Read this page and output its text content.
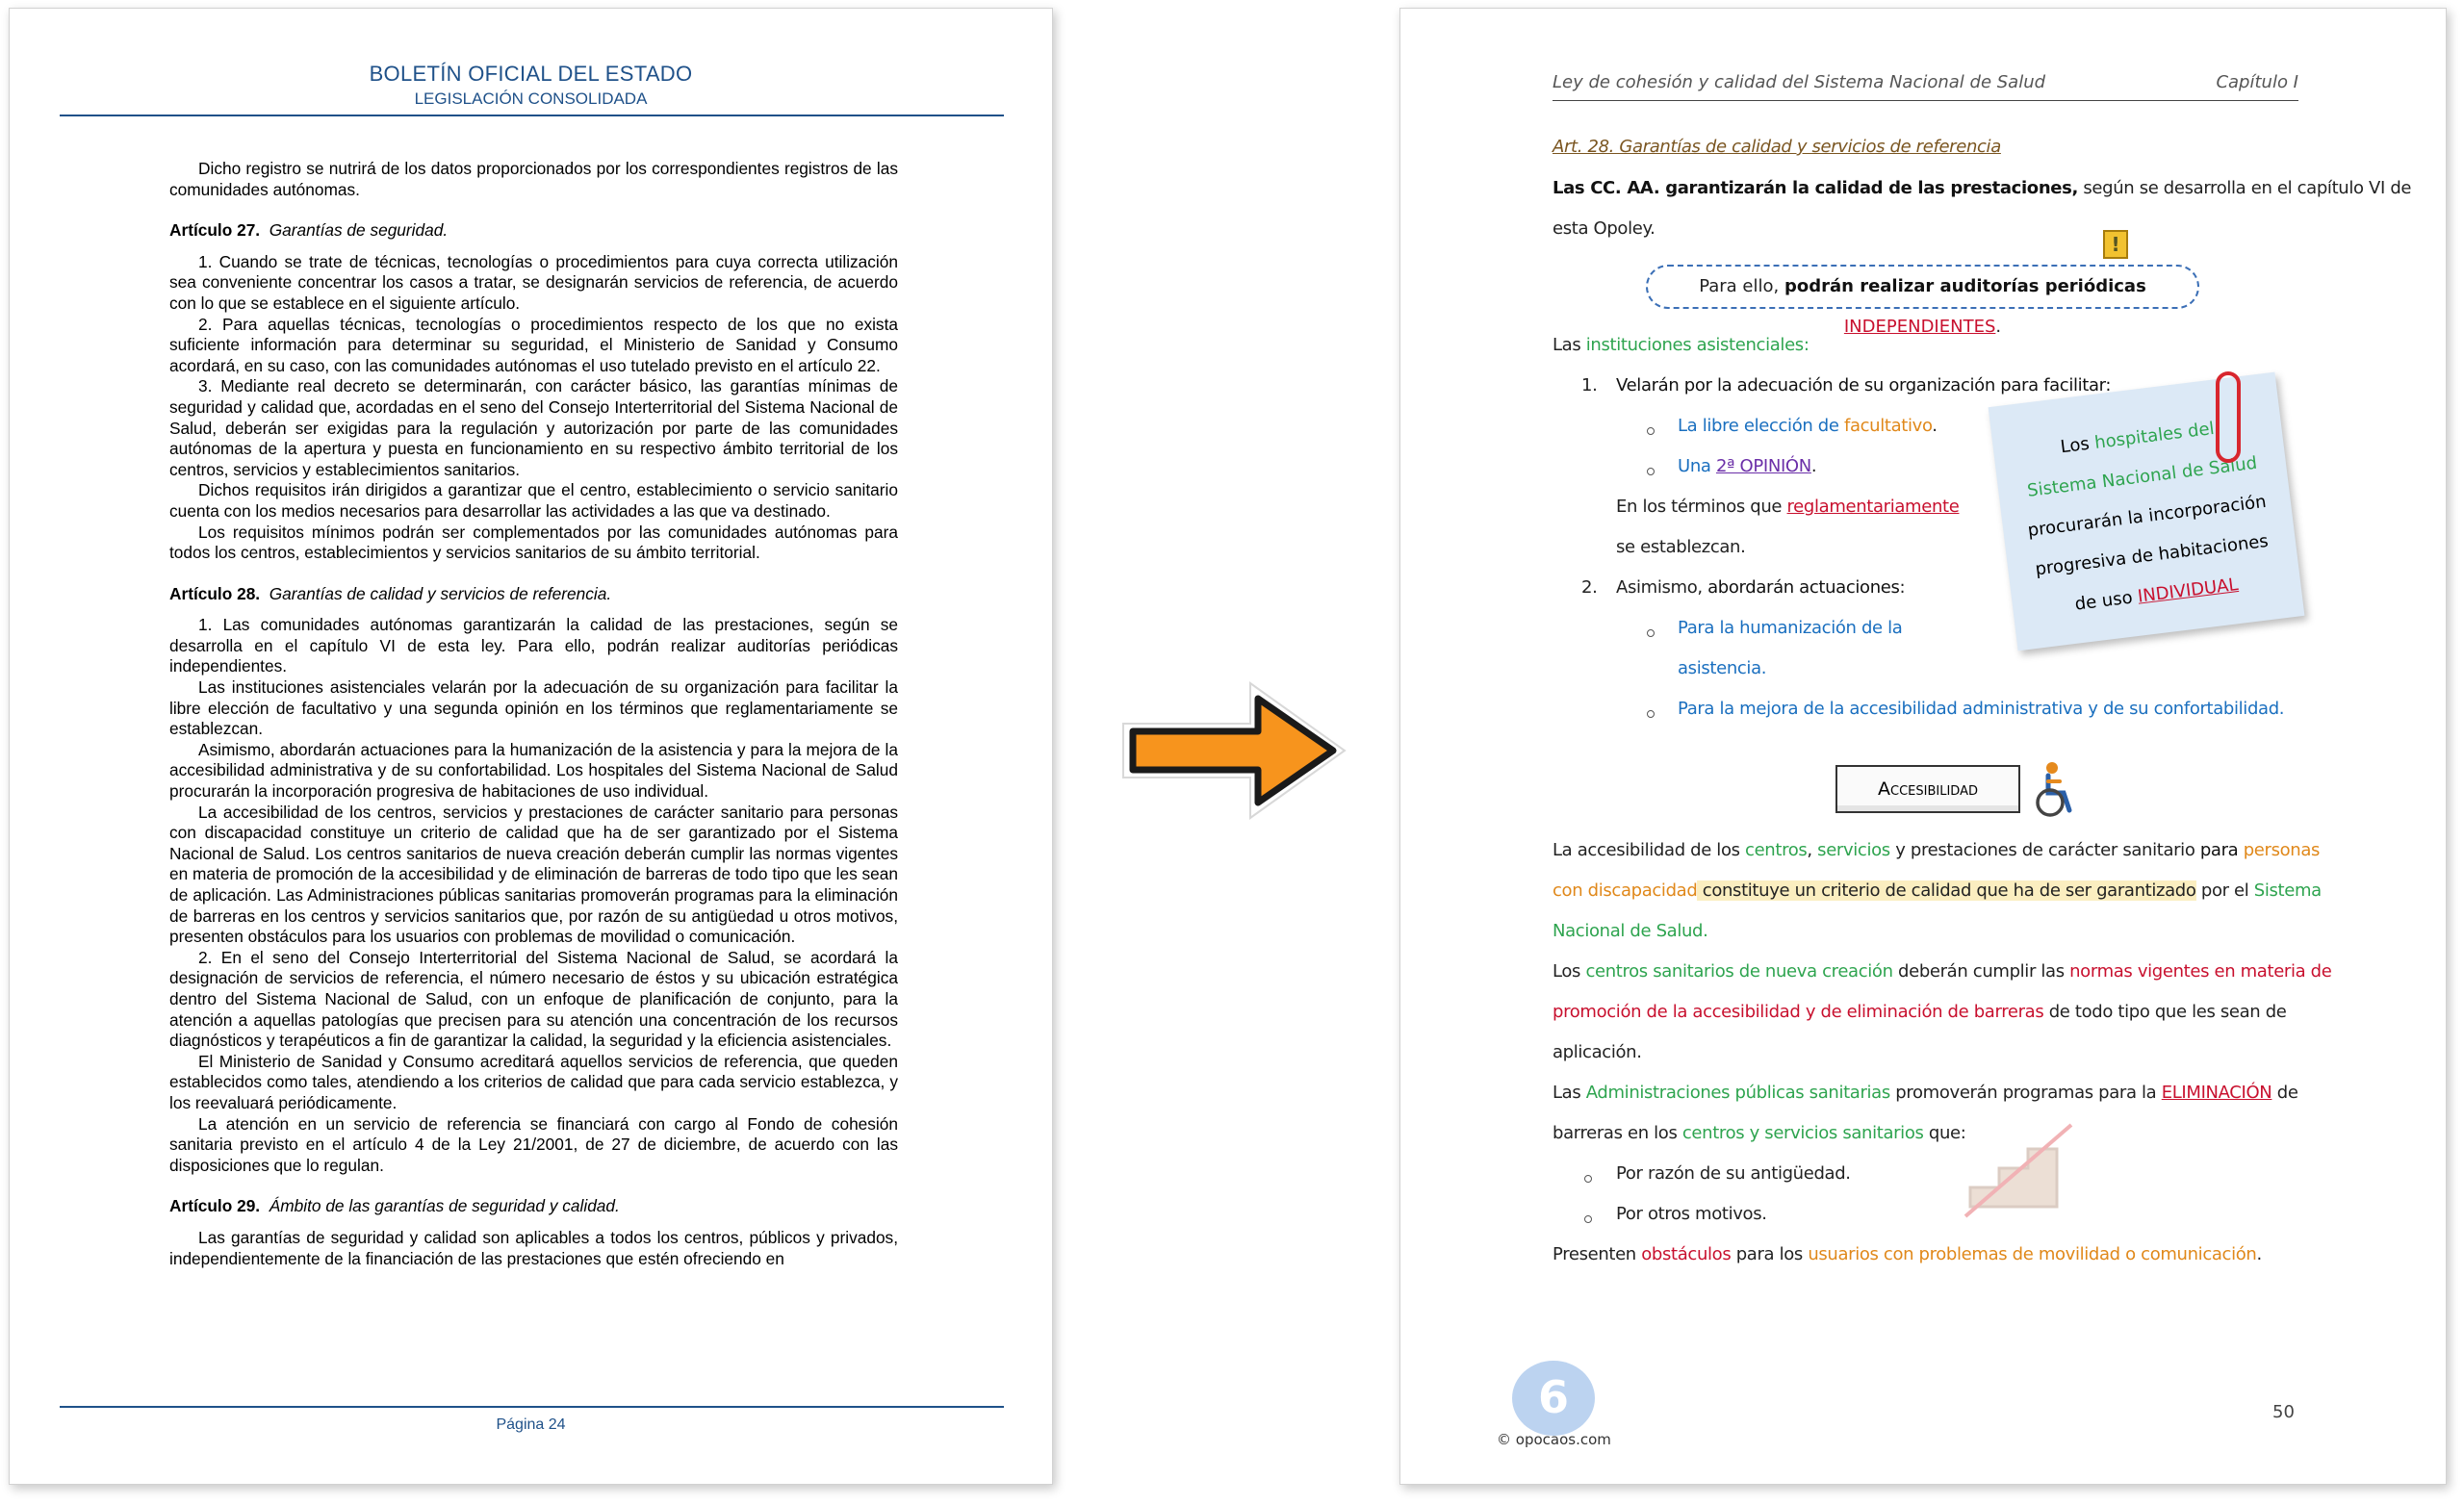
BOLETÍN OFICIAL DEL ESTADO
LEGISLACIÓN CONSOLIDADA

Dicho registro se nutrirá de los datos proporcionados por los correspondientes registros de las comunidades autónomas.

Artículo 27. Garantías de seguridad.

1. Cuando se trate de técnicas, tecnologías o procedimientos para cuya correcta utilización sea conveniente concentrar los casos a tratar, se designarán servicios de referencia, de acuerdo con lo que se establece en el siguiente artículo.

2. Para aquellas técnicas, tecnologías o procedimientos respecto de los que no exista suficiente información para determinar su seguridad, el Ministerio de Sanidad y Consumo acordará, en su caso, con las comunidades autónomas el uso tutelado previsto en el artículo 22.

3. Mediante real decreto se determinarán, con carácter básico, las garantías mínimas de seguridad y calidad que, acordadas en el seno del Consejo Interterritorial del Sistema Nacional de Salud, deberán ser exigidas para la regulación y autorización por parte de las comunidades autónomas de la apertura y puesta en funcionamiento en su respectivo ámbito territorial de los centros, servicios y establecimientos sanitarios.

Dichos requisitos irán dirigidos a garantizar que el centro, establecimiento o servicio sanitario cuenta con los medios necesarios para desarrollar las actividades a las que va destinado.

Los requisitos mínimos podrán ser complementados por las comunidades autónomas para todos los centros, establecimientos y servicios sanitarios de su ámbito territorial.

Artículo 28. Garantías de calidad y servicios de referencia.

1. Las comunidades autónomas garantizarán la calidad de las prestaciones, según se desarrolla en el capítulo VI de esta ley. Para ello, podrán realizar auditorías periódicas independientes.

Las instituciones asistenciales velarán por la adecuación de su organización para facilitar la libre elección de facultativo y una segunda opinión en los términos que reglamentariamente se establezcan.

Asimismo, abordarán actuaciones para la humanización de la asistencia y para la mejora de la accesibilidad administrativa y de su confortabilidad. Los hospitales del Sistema Nacional de Salud procurarán la incorporación progresiva de habitaciones de uso individual.

La accesibilidad de los centros, servicios y prestaciones de carácter sanitario para personas con discapacidad constituye un criterio de calidad que ha de ser garantizado por el Sistema Nacional de Salud. Los centros sanitarios de nueva creación deberán cumplir las normas vigentes en materia de promoción de la accesibilidad y de eliminación de barreras de todo tipo que les sean de aplicación. Las Administraciones públicas sanitarias promoverán programas para la eliminación de barreras en los centros y servicios sanitarios que, por razón de su antigüedad u otros motivos, presenten obstáculos para los usuarios con problemas de movilidad o comunicación.

2. En el seno del Consejo Interterritorial del Sistema Nacional de Salud, se acordará la designación de servicios de referencia, el número necesario de éstos y su ubicación estratégica dentro del Sistema Nacional de Salud, con un enfoque de planificación de conjunto, para la atención a aquellas patologías que precisen para su atención una concentración de los recursos diagnósticos y terapéuticos a fin de garantizar la calidad, la seguridad y la eficiencia asistenciales.

El Ministerio de Sanidad y Consumo acreditará aquellos servicios de referencia, que queden establecidos como tales, atendiendo a los criterios de calidad que para cada servicio establezca, y los reevaluará periódicamente.

La atención en un servicio de referencia se financiará con cargo al Fondo de cohesión sanitaria previsto en el artículo 4 de la Ley 21/2001, de 27 de diciembre, de acuerdo con las disposiciones que lo regulan.

Artículo 29. Ámbito de las garantías de seguridad y calidad.

Las garantías de seguridad y calidad son aplicables a todos los centros, públicos y privados, independientemente de la financiación de las prestaciones que estén ofreciendo en

Página 24
Ley de cohesión y calidad del Sistema Nacional de Salud	Capítulo I
Art. 28. Garantías de calidad y servicios de referencia
Las CC. AA. garantizarán la calidad de las prestaciones, según se desarrolla en el capítulo VI de
esta Opoley.
!
Para ello, podrán realizar auditorías periódicas INDEPENDIENTES.
Las instituciones asistenciales:
1. Velarán por la adecuación de su organización para facilitar:
La libre elección de facultativo.
Una 2ª OPINIÓN.
En los términos que reglamentariamente
se establezcan.
2. Asimismo, abordarán actuaciones:
Para la humanización de la
asistencia.
Para la mejora de la accesibilidad administrativa y de su confortabilidad.
Los hospitales del
Sistema Nacional de Salud
procurarán la incorporación
progresiva de habitaciones
de uso INDIVIDUAL
Accesibilidad
La accesibilidad de los centros, servicios y prestaciones de carácter sanitario para personas
con discapacidad constituye un criterio de calidad que ha de ser garantizado por el Sistema
Nacional de Salud.
Los centros sanitarios de nueva creación deberán cumplir las normas vigentes en materia de
promoción de la accesibilidad y de eliminación de barreras de todo tipo que les sean de
aplicación.
Las Administraciones públicas sanitarias promoverán programas para la ELIMINACIÓN de
barreras en los centros y servicios sanitarios que:
Por razón de su antigüedad.
Por otros motivos.
Presenten obstáculos para los usuarios con problemas de movilidad o comunicación.
6
© opocaos.com
50
